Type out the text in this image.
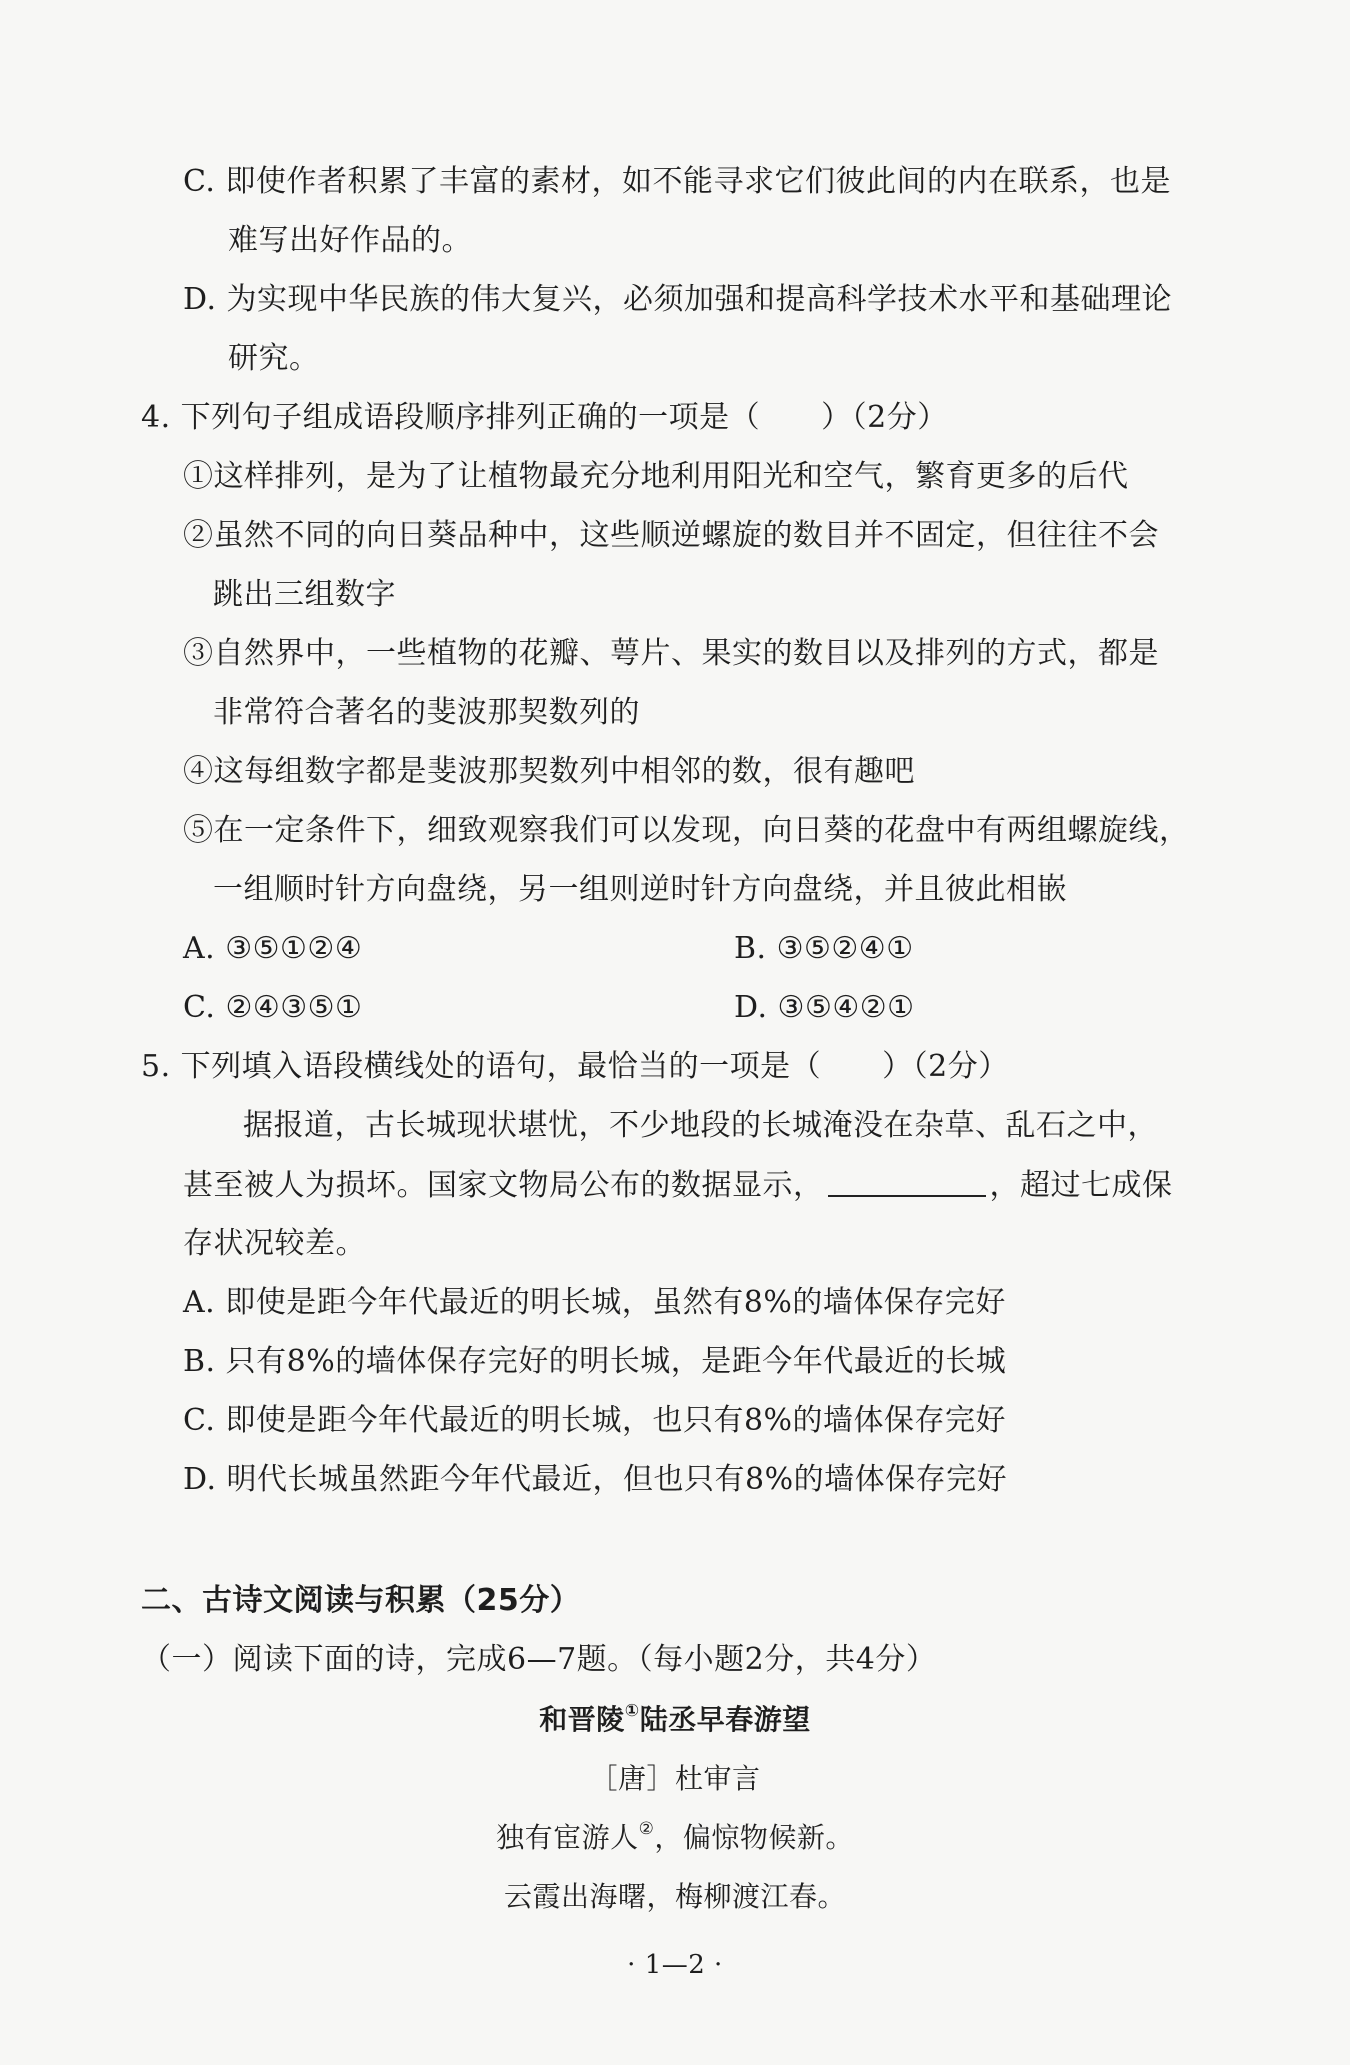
C. 即使作者积累了丰富的素材，如不能寻求它们彼此间的内在联系，也是
难写出好作品的。
D. 为实现中华民族的伟大复兴，必须加强和提高科学技术水平和基础理论
研究。
4. 下列句子组成语段顺序排列正确的一项是（　　）（2分）
①这样排列，是为了让植物最充分地利用阳光和空气，繁育更多的后代
②虽然不同的向日葵品种中，这些顺逆螺旋的数目并不固定，但往往不会
跳出三组数字
③自然界中，一些植物的花瓣、萼片、果实的数目以及排列的方式，都是
非常符合著名的斐波那契数列的
④这每组数字都是斐波那契数列中相邻的数，很有趣吧
⑤在一定条件下，细致观察我们可以发现，向日葵的花盘中有两组螺旋线，
一组顺时针方向盘绕，另一组则逆时针方向盘绕，并且彼此相嵌
A. ③⑤①②④	B. ③⑤②④①
C. ②④③⑤①	D. ③⑤④②①
5. 下列填入语段横线处的语句，最恰当的一项是（　　）（2分）
据报道，古长城现状堪忧，不少地段的长城淹没在杂草、乱石之中，
甚至被人为损坏。国家文物局公布的数据显示，	，超过七成保
存状况较差。
A. 即使是距今年代最近的明长城，虽然有8%的墙体保存完好
B. 只有8%的墙体保存完好的明长城，是距今年代最近的长城
C. 即使是距今年代最近的明长城，也只有8%的墙体保存完好
D. 明代长城虽然距今年代最近，但也只有8%的墙体保存完好
二、古诗文阅读与积累（25分）
（一）阅读下面的诗，完成6—7题。（每小题2分，共4分）
和晋陵①陆丞早春游望
［唐］杜审言
独有宦游人②，偏惊物候新。
云霞出海曙，梅柳渡江春。
· 1—2 ·
